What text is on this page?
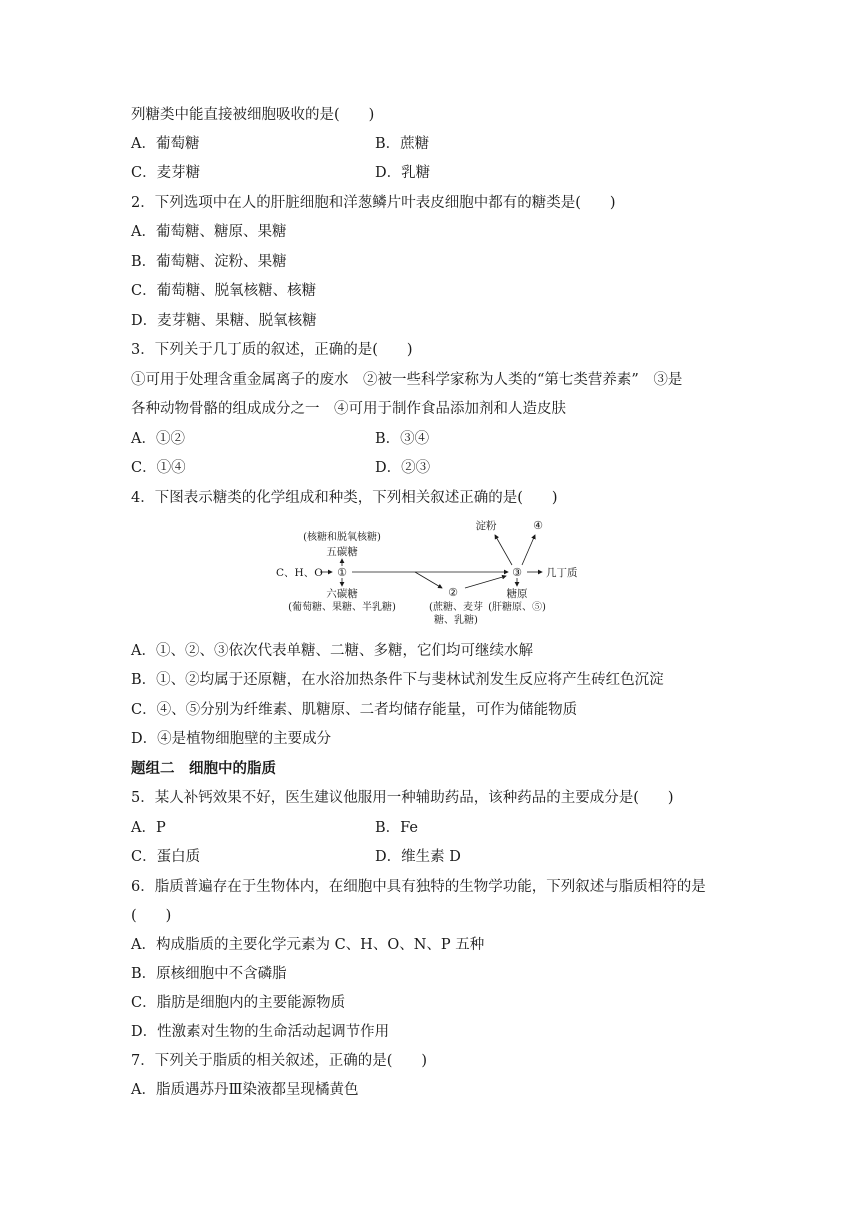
列糖类中能直接被细胞吸收的是(　　)
A．葡萄糖	B．蔗糖
C．麦芽糖	D．乳糖
2．下列选项中在人的肝脏细胞和洋葱鳞片叶表皮细胞中都有的糖类是(　　)
A．葡萄糖、糖原、果糖
B．葡萄糖、淀粉、果糖
C．葡萄糖、脱氧核糖、核糖
D．麦芽糖、果糖、脱氧核糖
3．下列关于几丁质的叙述，正确的是(　　)
①可用于处理含重金属离子的废水　②被一些科学家称为人类的“第七类营养素”　③是
各种动物骨骼的组成成分之一　④可用于制作食品添加剂和人造皮肤
A．①②	B．③④
C．①④	D．②③
4．下图表示糖类的化学组成和种类，下列相关叙述正确的是(　　)
(核糖和脱氧核糖)
五碳糖
C、H、O ①
六碳糖
(葡萄糖、果糖、半乳糖)
②
(蔗糖、麦芽
糖、乳糖)
③ 几丁质
淀粉	④
糖原
(肝糖原、⑤)
A．①、②、③依次代表单糖、二糖、多糖，它们均可继续水解
B．①、②均属于还原糖，在水浴加热条件下与斐林试剂发生反应将产生砖红色沉淀
C．④、⑤分别为纤维素、肌糖原、二者均储存能量，可作为储能物质
D．④是植物细胞壁的主要成分
题组二　细胞中的脂质
5．某人补钙效果不好，医生建议他服用一种辅助药品，该种药品的主要成分是(　　)
A．P	B．Fe
C．蛋白质	D．维生素 D
6．脂质普遍存在于生物体内，在细胞中具有独特的生物学功能，下列叙述与脂质相符的是
(　　)
A．构成脂质的主要化学元素为 C、H、O、N、P 五种
B．原核细胞中不含磷脂
C．脂肪是细胞内的主要能源物质
D．性激素对生物的生命活动起调节作用
7．下列关于脂质的相关叙述，正确的是(　　)
A．脂质遇苏丹Ⅲ染液都呈现橘黄色
